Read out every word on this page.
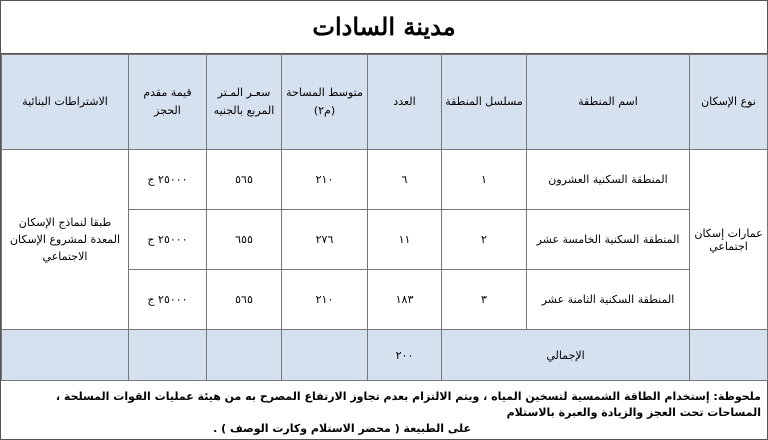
مدينة السادات
نوع الإسكان	اسم المنطقة	مسلسل المنطقة	العدد	متوسط المساحة (م٢)	سعـر المـتر المربع بالجنيه	قيمة مقدم الحجز	الاشتراطات البنائية
عمارات إسكان اجتماعي	المنطقة السكنية العشرون	١	٦	٢١٠	٥٦٥	٢٥٠٠٠ ج	طبقا لنماذج الإسكان المعدة لمشروع الإسكان الاجتماعي
	المنطقة السكنية الخامسة عشر	٢	١١	٢٧٦	٦٥٥	٢٥٠٠٠ ج	
	المنطقة السكنية الثامنة عشر	٣	١٨٣	٢١٠	٥٦٥	٢٥٠٠٠ ج	
	الإجمالي		٢٠٠				
ملحوظة: إستخدام الطاقة الشمسية لتسخين المياه ، ويتم الالتزام بعدم تجاوز الارتفاع المصرح به من هيئة عمليات القوات المسلحة ، المساحات تحت العجز والزيادة والعبرة بالاستلام
على الطبيعة ( محضر الاستلام وكارت الوصف ) .
